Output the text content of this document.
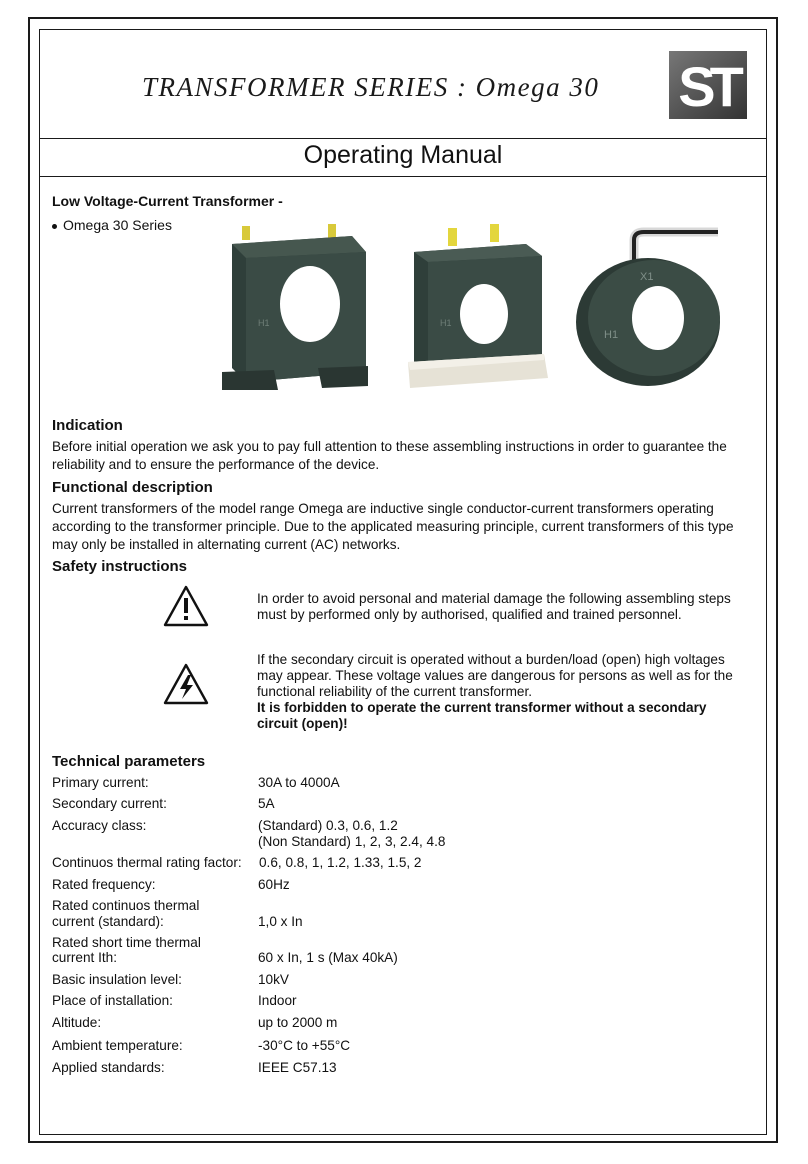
TRANSFORMER SERIES : Omega 30 ST
Operating Manual
Low Voltage-Current Transformer -
Omega 30 Series
H1	H1
H1
X1
Indication
Before initial operation we ask you to pay full attention to these assembling instructions in order to guarantee the
reliability and to ensure the performance of the device.
Functional description
Current transformers of the model range Omega are inductive single conductor-current transformers operating
according to the transformer principle. Due to the applicated measuring principle, current transformers of this type
may only be installed in alternating current (AC) networks.
Safety instructions
In order to avoid personal and material damage the following assembling steps
must by performed only by authorised, qualified and trained personnel.
If the secondary circuit is operated without a burden/load (open) high voltages
may appear. These voltage values are dangerous for persons as well as for the
functional reliability of the current transformer.
It is forbidden to operate the current transformer without a secondary
circuit (open)!
Technical parameters
Primary current:	30A to 4000A
Secondary current:	5A
Accuracy class:	(Standard) 0.3, 0.6, 1.2
(Non Standard) 1, 2, 3, 2.4, 4.8
Continuos thermal rating factor: 0.6, 0.8, 1, 1.2, 1.33, 1.5, 2
Rated frequency:	60Hz
Rated continuos thermal
current (standard):	1,0 x In
Rated short time thermal
current Ith:	60 x In, 1 s (Max 40kA)
Basic insulation level:	10kV
Place of installation:	Indoor
Altitude:	up to 2000 m
Ambient temperature:	-30°C to +55°C
Applied standards:	IEEE C57.13
